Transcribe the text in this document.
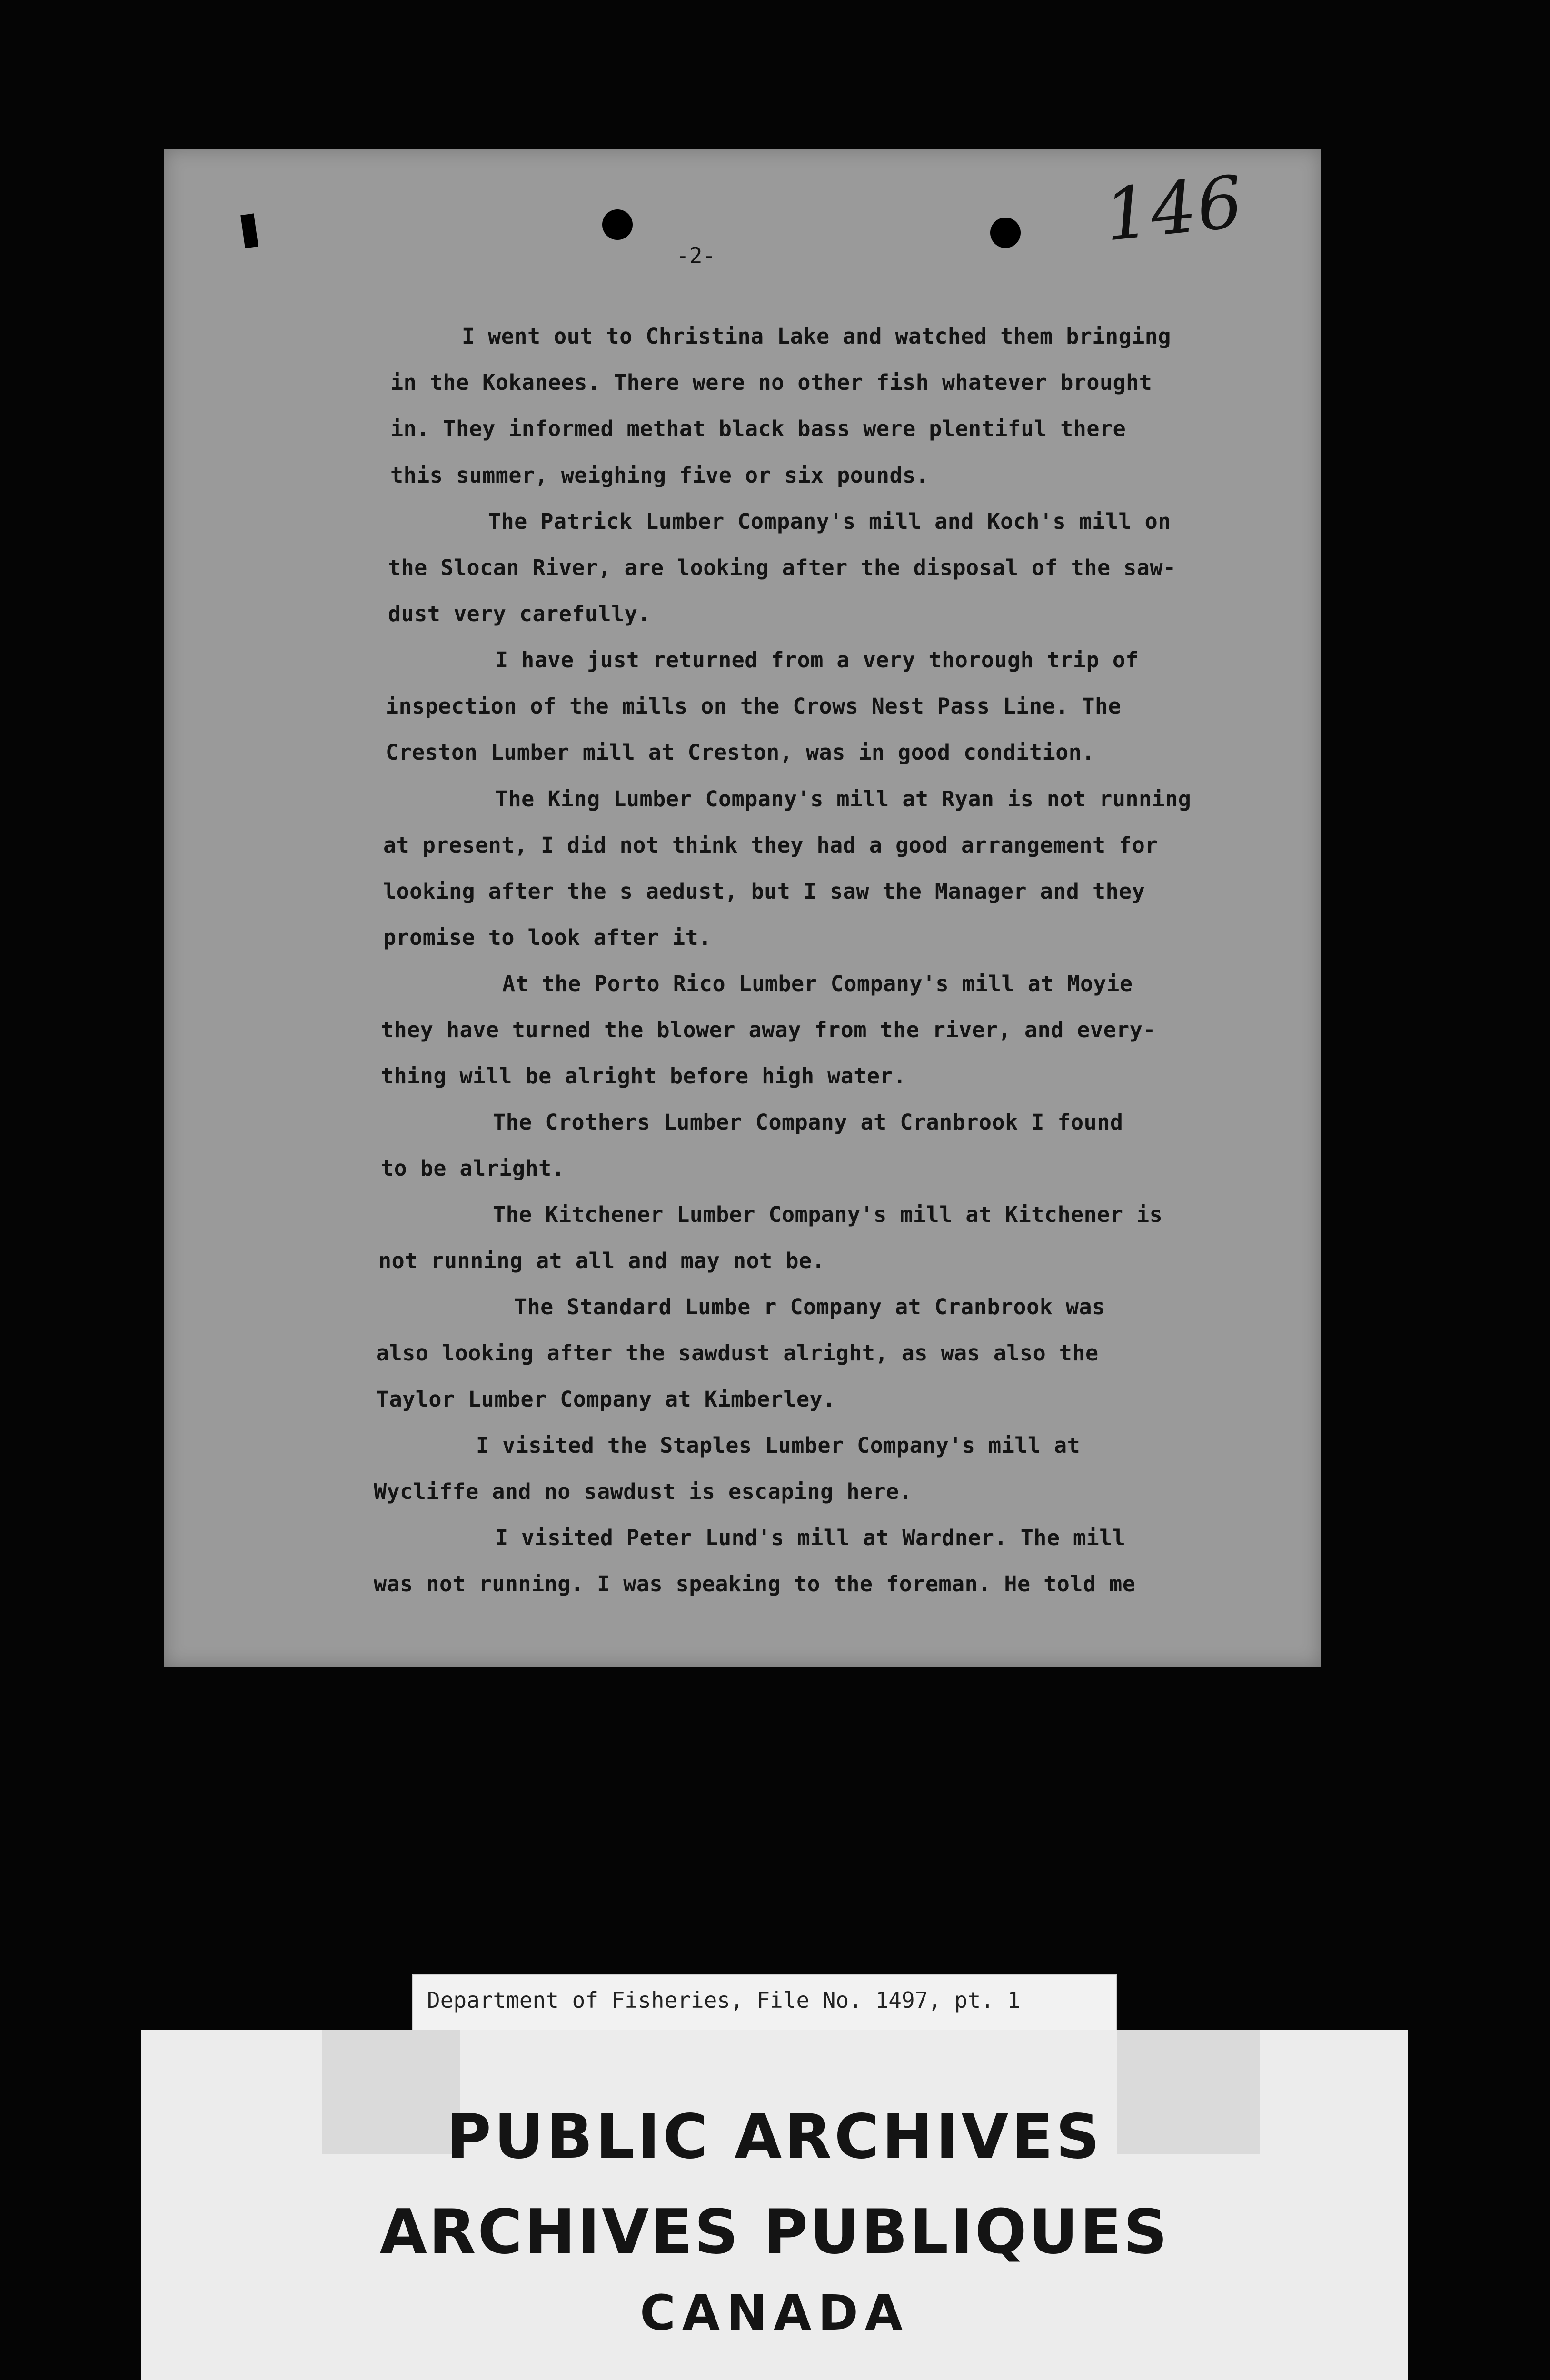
146
-2-
I went out to Christina Lake and watched them bringing
in the Kokanees. There were no other fish whatever brought
in. They informed methat black bass were plentiful there
this summer, weighing five or six pounds.
The Patrick Lumber Company's mill and Koch's mill on
the Slocan River, are looking after the disposal of the saw-
dust very carefully.
I have just returned from a very thorough trip of
inspection of the mills on the Crows Nest Pass Line. The
Creston Lumber mill at Creston, was in good condition.
The King Lumber Company's mill at Ryan is not running
at present, I did not think they had a good arrangement for
looking after the s aedust, but I saw the Manager and they
promise to look after it.
At the Porto Rico Lumber Company's mill at Moyie
they have turned the blower away from the river, and every-
thing will be alright before high water.
The Crothers Lumber Company at Cranbrook I found
to be alright.
The Kitchener Lumber Company's mill at Kitchener is
not running at all and may not be.
The Standard Lumbe r Company at Cranbrook was
also looking after the sawdust alright, as was also the
Taylor Lumber Company at Kimberley.
I visited the Staples Lumber Company's mill at
Wycliffe and no sawdust is escaping here.
I visited Peter Lund's mill at Wardner. The mill
was not running. I was speaking to the foreman. He told me
Department of Fisheries, File No. 1497, pt. 1
PUBLIC ARCHIVES
ARCHIVES PUBLIQUES
CANADA
